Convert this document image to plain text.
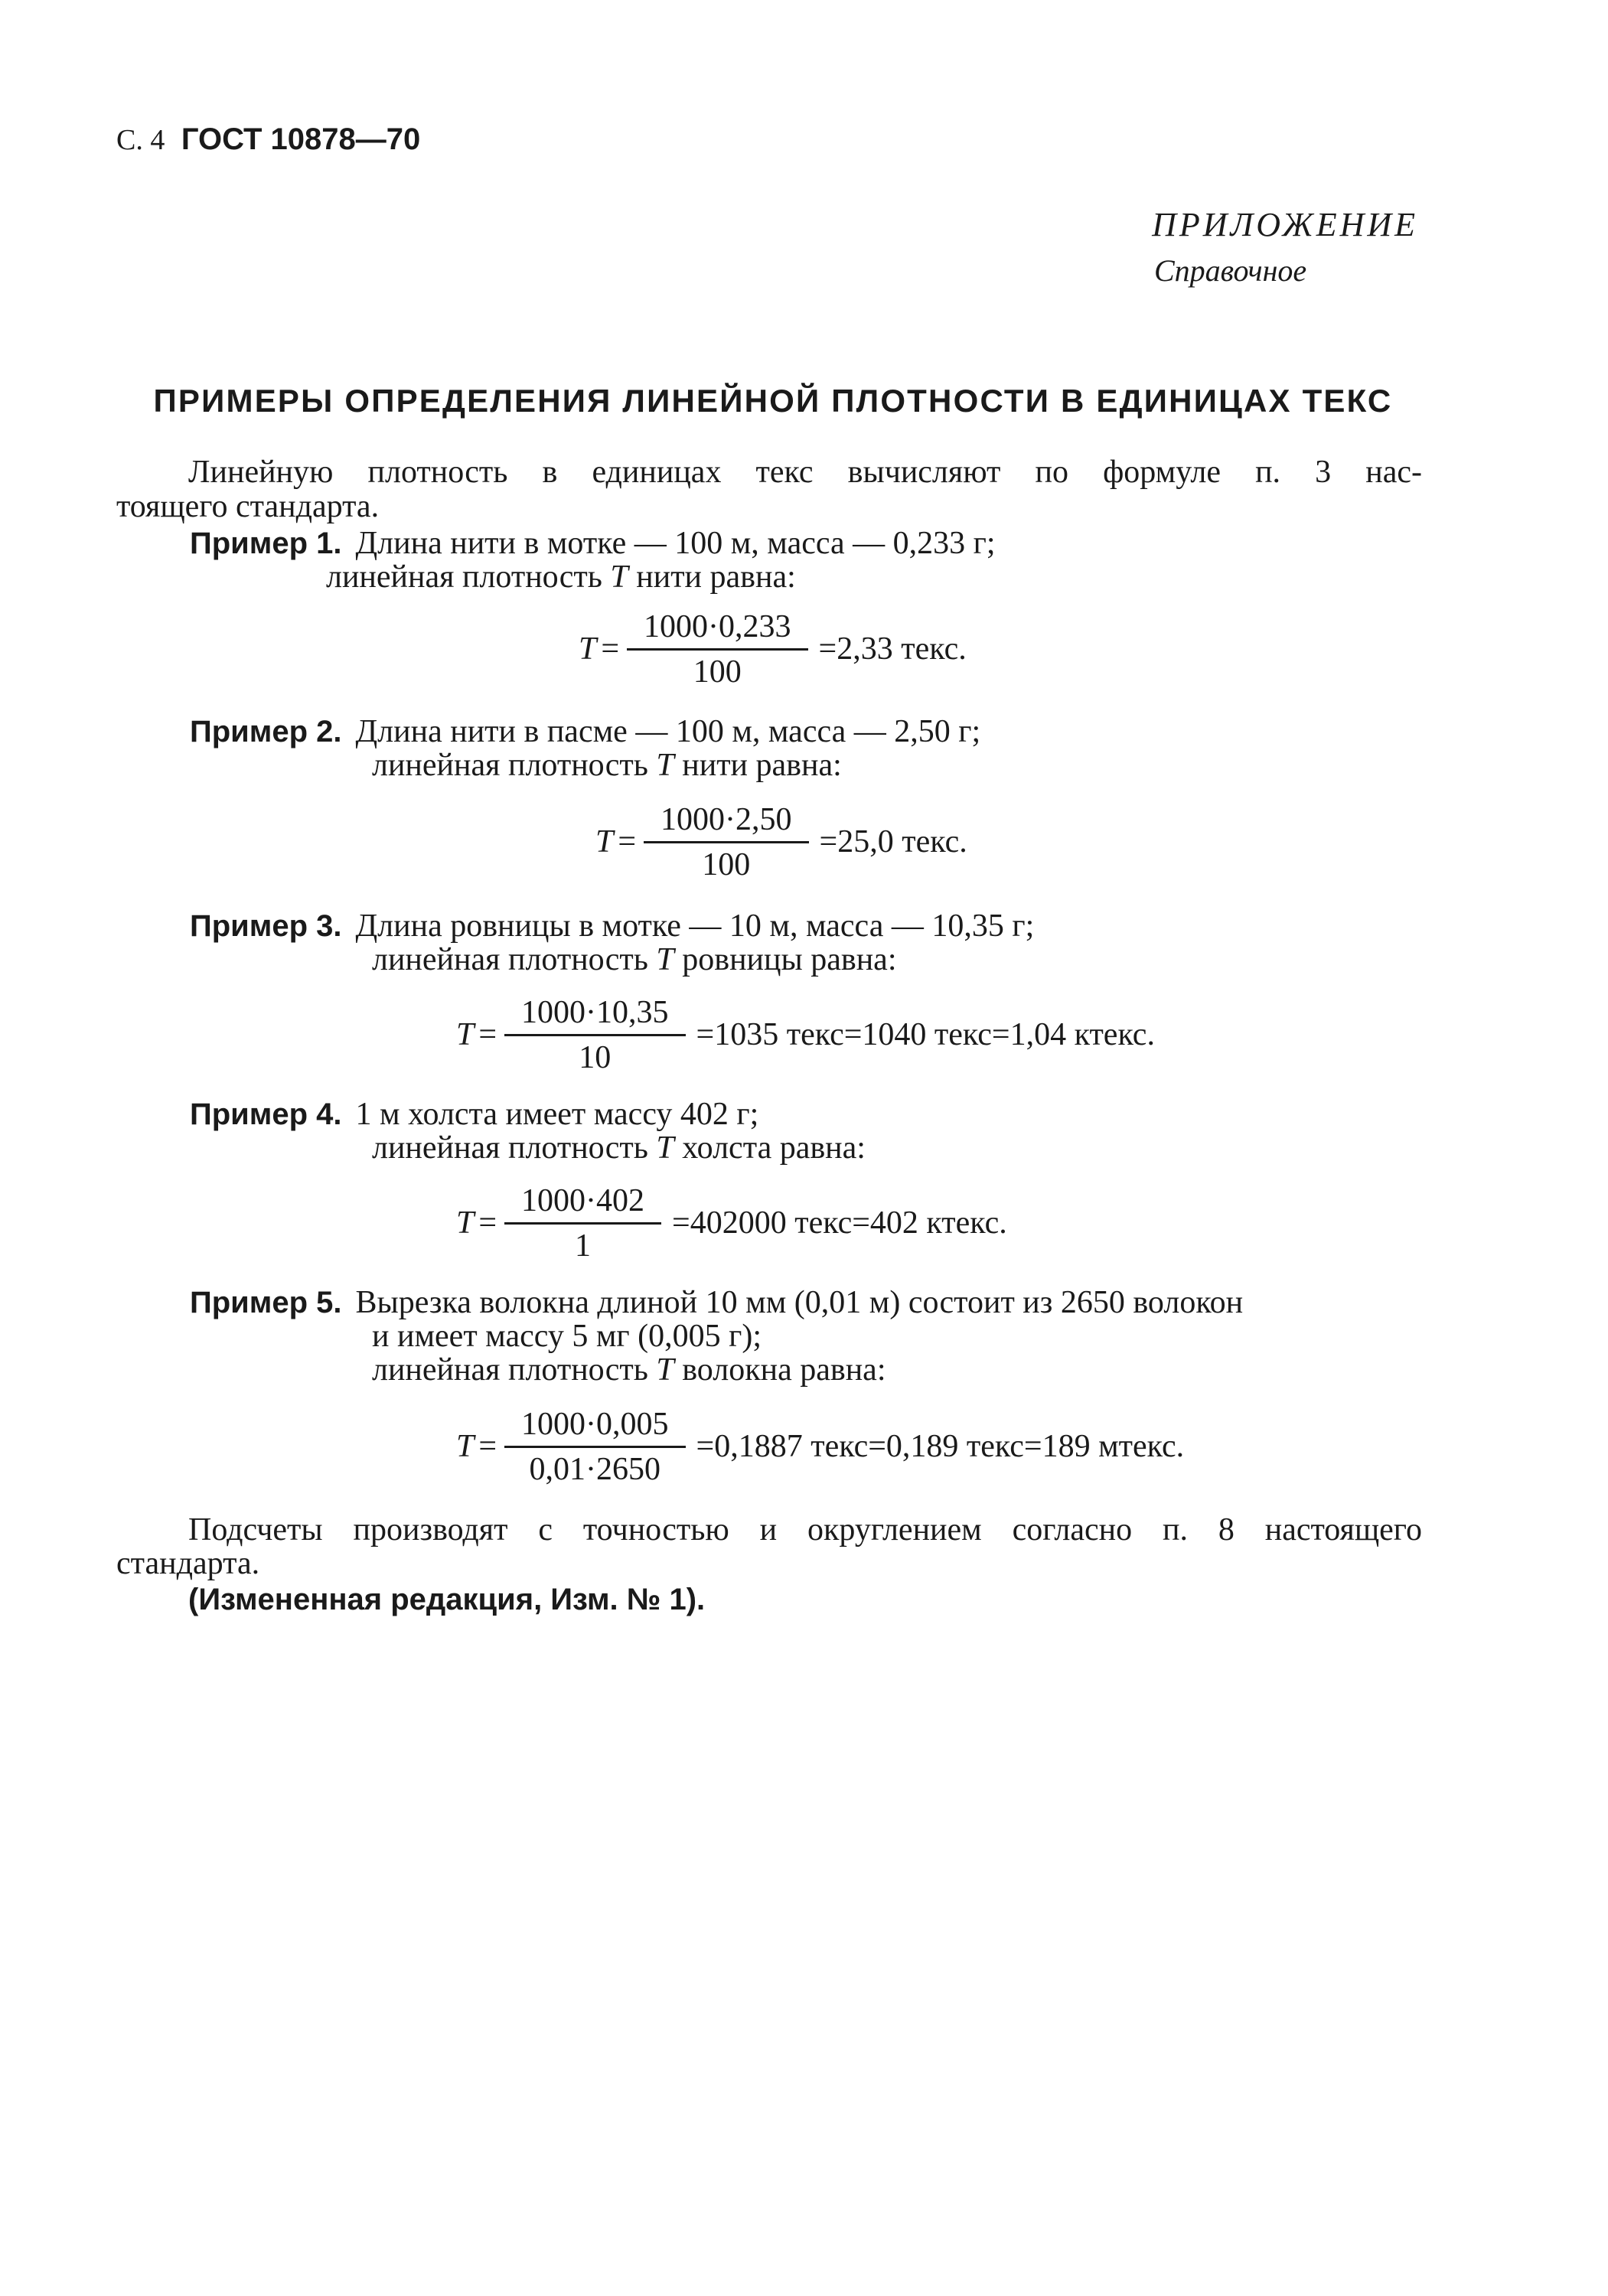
С. 4 ГОСТ 10878—70
ПРИЛОЖЕНИЕ
Справочное
ПРИМЕРЫ ОПРЕДЕЛЕНИЯ ЛИНЕЙНОЙ ПЛОТНОСТИ В ЕДИНИЦАХ ТЕКС
Линейную плотность в единицах текс вычисляют по формуле п. 3 нас-
тоящего стандарта.
Пример 1. Длина нити в мотке — 100 м, масса — 0,233 г;
линейная плотность T нити равна:
$T = \frac{1000\cdot 0,233}{100} =2,33$ текс.
Пример 2. Длина нити в пасме — 100 м, масса — 2,50 г;
линейная плотность T нити равна:
$T = \frac{1000\cdot 2,50}{100} =25,0$ текс.
Пример 3. Длина ровницы в мотке — 10 м, масса — 10,35 г;
линейная плотность T ровницы равна:
$T = \frac{1000\cdot 10,35}{10} =1035$ текс=1040 текс=1,04 ктекс.
Пример 4. 1 м холста имеет массу 402 г;
линейная плотность T холста равна:
$T = \frac{1000\cdot 402}{1} =402000$ текс=402 ктекс.
Пример 5. Вырезка волокна длиной 10 мм (0,01 м) состоит из 2650 волокон
и имеет массу 5 мг (0,005 г);
линейная плотность T волокна равна:
$T = \frac{1000\cdot 0,005}{0,01\cdot 2650} =0,1887$ текс=0,189 текс=189 мтекс.
Подсчеты производят с точностью и округлением согласно п. 8 настоящего
стандарта.
(Измененная редакция, Изм. № 1).
